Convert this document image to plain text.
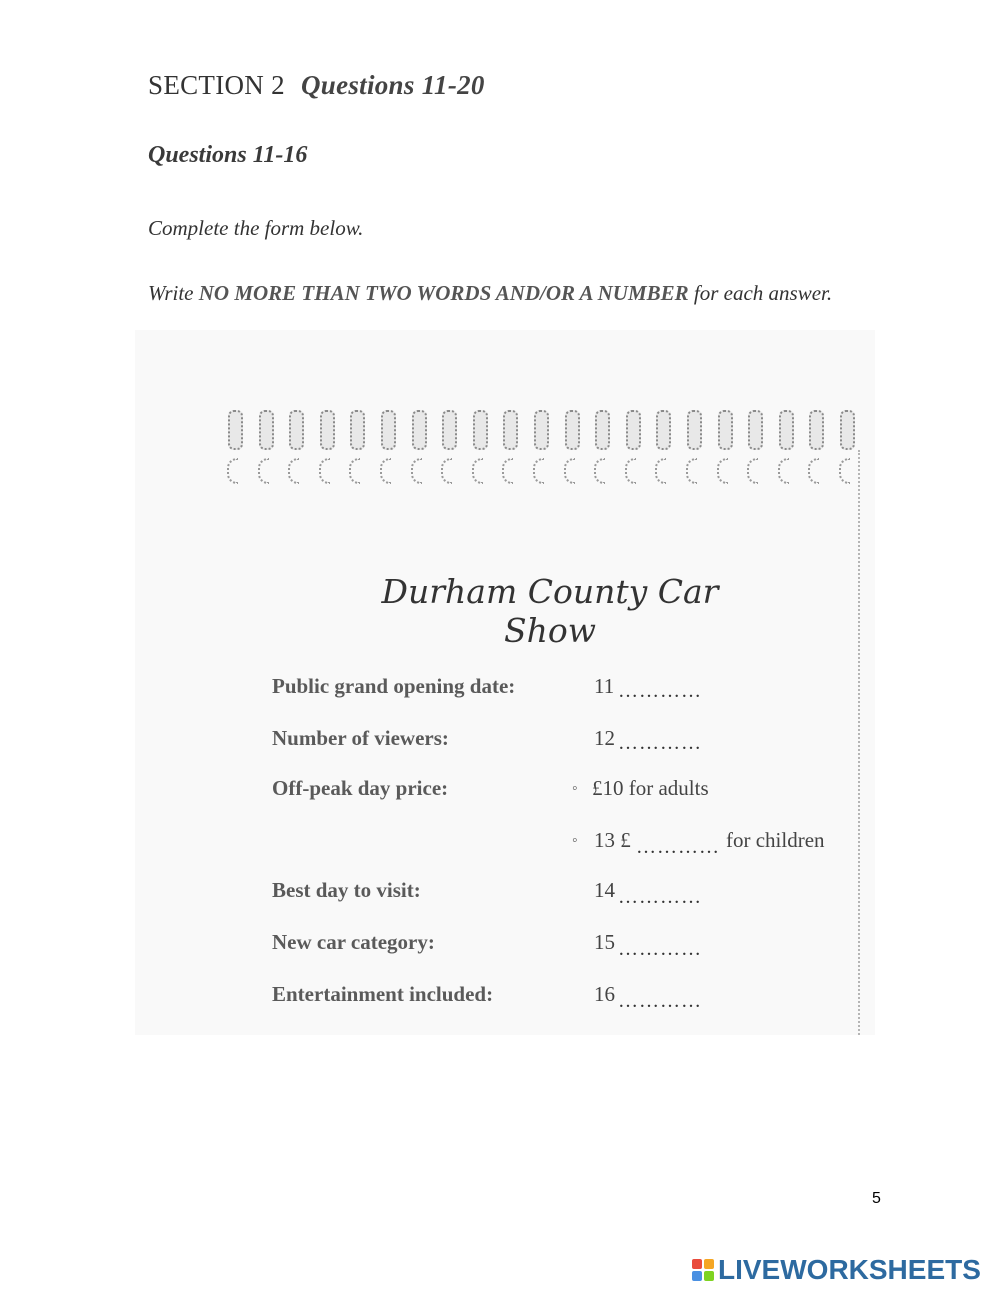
SECTION 2 Questions 11-20
Questions 11-16
Complete the form below.
Write NO MORE THAN TWO WORDS AND/OR A NUMBER for each answer.
Durham County Car Show
Public grand opening date:	11 …………
Number of viewers:	12 …………
Off-peak day price:	◦ £10 for adults
◦ 13 £ ………… for children
Best day to visit:	14 …………
New car category:	15 …………
Entertainment included:	16 …………
5
LIVEWORKSHEETS
